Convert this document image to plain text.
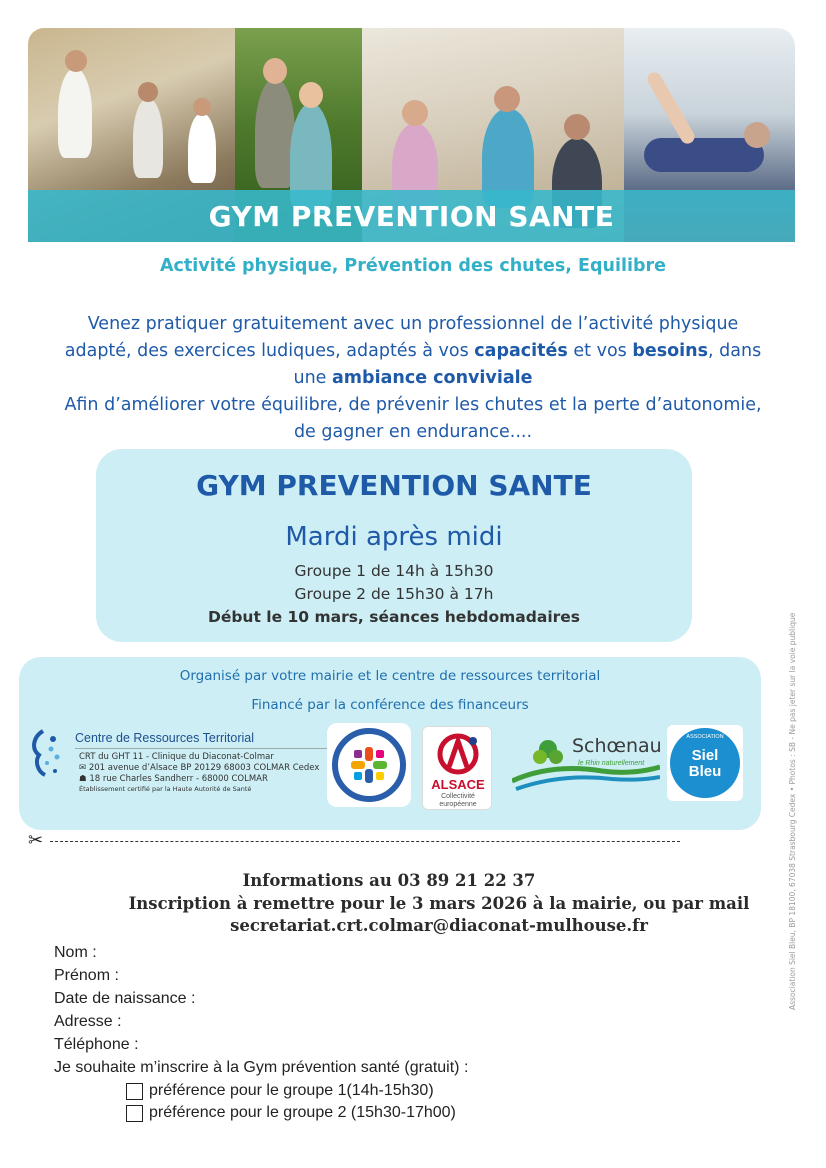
GYM PREVENTION SANTE
Activité physique, Prévention des chutes, Equilibre
Venez pratiquer gratuitement avec un professionnel de l’activité physique
adapté, des exercices ludiques, adaptés à vos capacités et vos besoins, dans
une ambiance conviviale
Afin d’améliorer votre équilibre, de prévenir les chutes et la perte d’autonomie,
de gagner en endurance....
GYM PREVENTION SANTE
Mardi après midi
Groupe 1 de 14h à 15h30
Groupe 2 de 15h30 à 17h
Début le 10 mars, séances hebdomadaires
Organisé par votre mairie et le centre de ressources territorial
Financé par la conférence des financeurs
Centre de Ressources Territorial
CRT du GHT 11 - Clinique du Diaconat-Colmar
✉ 201 avenue d’Alsace BP 20129 68003 COLMAR Cedex
☗ 18 rue Charles Sandherr - 68000 COLMAR
Établissement certifié par la Haute Autorité de Santé	ALSACE
Collectivité
européenne
Schœnau
le Rhin naturellement
ASSOCIATION
Siel
Bleu
✂
Informations au 03 89 21 22 37
Inscription à remettre pour le 3 mars 2026 à la mairie, ou par mail
secretariat.crt.colmar@diaconat-mulhouse.fr
Nom :
Prénom :
Date de naissance :
Adresse :
Téléphone :
Je souhaite m’inscrire à la Gym prévention santé (gratuit) :
préférence pour le groupe 1(14h-15h30)
préférence pour le groupe 2 (15h30-17h00)
Association Siel Bleu, BP 18100, 67038 Strasbourg Cedex • Photos : SB - Ne pas jeter sur la voie publique
